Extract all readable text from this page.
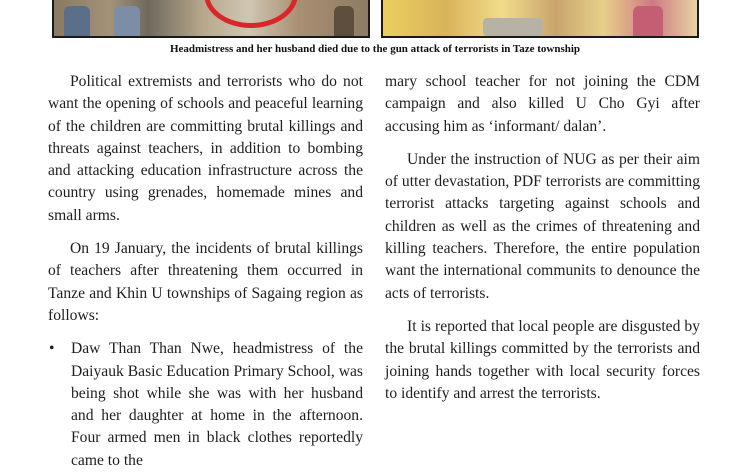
Headmistress and her husband died due to the gun attack of terrorists in Taze township

Political extremists and terrorists who do not want the opening of schools and peaceful learning of the children are committing brutal killings and threats against teachers, in addition to bombing and attacking education infrastructure across the country using grenades, homemade mines and small arms.

On 19 January, the incidents of brutal killings of teachers after threatening them occurred in Tanze and Khin U townships of Sagaing region as follows:

• Daw Than Than Nwe, headmistress of the Daiyauk Basic Education Primary School, was being shot while she was with her husband and her daughter at home in the afternoon. Four armed men in black clothes reportedly came to the

mary school teacher for not joining the CDM campaign and also killed U Cho Gyi after accusing him as ‘informant/ dalan’.

Under the instruction of NUG as per their aim of utter devastation, PDF terrorists are committing terrorist attacks targeting against schools and children as well as the crimes of threatening and killing teachers. Therefore, the entire population want the international communits to denounce the acts of terrorists.

It is reported that local people are disgusted by the brutal killings committed by the terrorists and joining hands together with local security forces to identify and arrest the terrorists.
